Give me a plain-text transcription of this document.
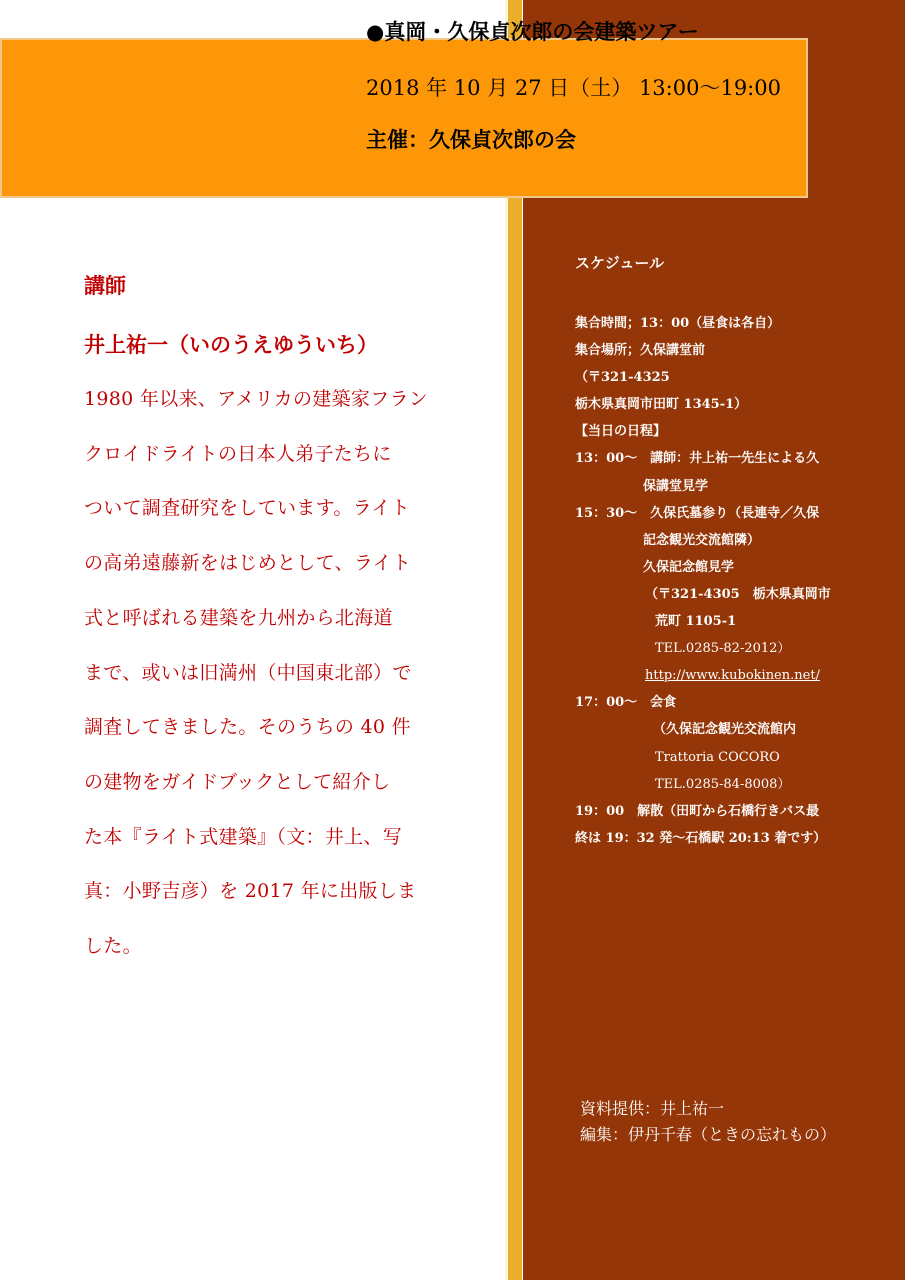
●真岡・久保貞次郎の会建築ツアー
2018 年 10 月 27 日（土） 13:00～19:00
主催：久保貞次郎の会
講師
井上祐一（いのうえゆういち）

1980 年以来、アメリカの建築家フラン
クロイドライトの日本人弟子たちに
ついて調査研究をしています。ライト
の高弟遠藤新をはじめとして、ライト
式と呼ばれる建築を九州から北海道
まで、或いは旧満州（中国東北部）で
調査してきました。そのうちの 40 件
の建物をガイドブックとして紹介し
た本『ライト式建築』（文：井上、写
真：小野吉彦）を 2017 年に出版しま
した。

スケジュール
集合時間；13：00（昼食は各自）
集合場所；久保講堂前
（〒321-4325
栃木県真岡市田町 1345-1）
【当日の日程】
13：00～　講師：井上祐一先生による久
保講堂見学
15：30～　久保氏墓参り（長連寺／久保
記念観光交流館隣）
久保記念館見学
（〒321-4305　栃木県真岡市
荒町 1105-1
TEL.0285-82-2012）
http://www.kubokinen.net/
17：00～　会食
（久保記念観光交流館内
Trattoria COCORO
TEL.0285-84-8008）
19：00　解散（田町から石橋行きバス最
終は 19：32 発～石橋駅 20:13 着です）
資料提供：井上祐一
編集：伊丹千春（ときの忘れもの）
